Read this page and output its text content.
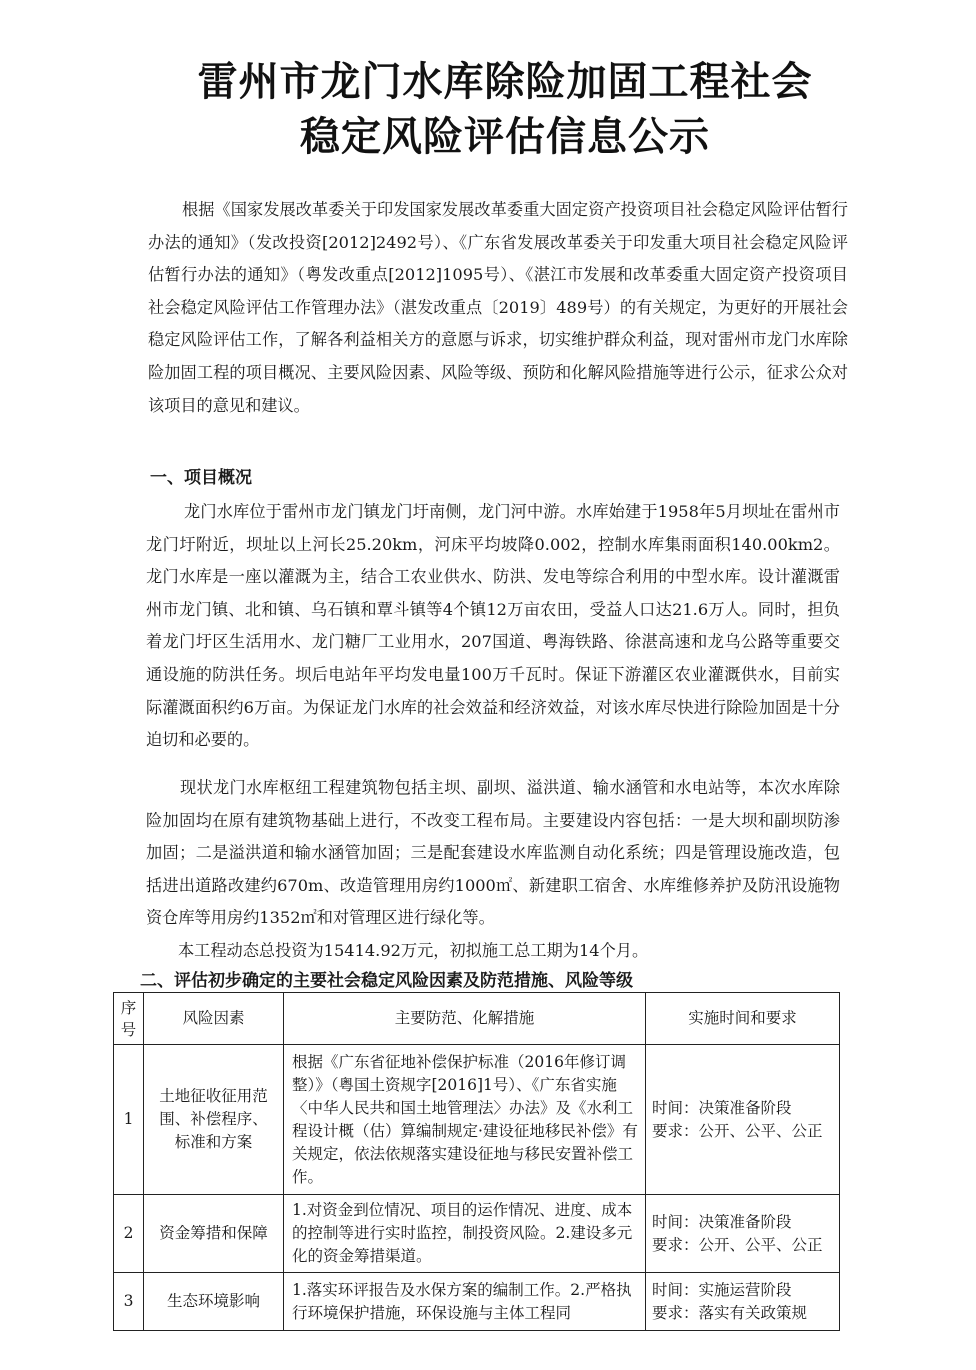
雷州市龙门水库除险加固工程社会
稳定风险评估信息公示
根据《国家发展改革委关于印发国家发展改革委重大固定资产投资项目社会稳定风险评估暂行办法的通知》（发改投资[2012]2492号）、《广东省发展改革委关于印发重大项目社会稳定风险评估暂行办法的通知》（粤发改重点[2012]1095号）、《湛江市发展和改革委重大固定资产投资项目社会稳定风险评估工作管理办法》（湛发改重点〔2019〕489号）的有关规定，为更好的开展社会稳定风险评估工作，了解各利益相关方的意愿与诉求，切实维护群众利益，现对雷州市龙门水库除险加固工程的项目概况、主要风险因素、风险等级、预防和化解风险措施等进行公示，征求公众对该项目的意见和建议。
一、项目概况
龙门水库位于雷州市龙门镇龙门圩南侧，龙门河中游。水库始建于1958年5月坝址在雷州市龙门圩附近，坝址以上河长25.20km，河床平均坡降0.002，控制水库集雨面积140.00km2。龙门水库是一座以灌溉为主，结合工农业供水、防洪、发电等综合利用的中型水库。设计灌溉雷州市龙门镇、北和镇、乌石镇和覃斗镇等4个镇12万亩农田，受益人口达21.6万人。同时，担负着龙门圩区生活用水、龙门糖厂工业用水，207国道、粤海铁路、徐湛高速和龙乌公路等重要交通设施的防洪任务。坝后电站年平均发电量100万千瓦时。保证下游灌区农业灌溉供水，目前实际灌溉面积约6万亩。为保证龙门水库的社会效益和经济效益，对该水库尽快进行除险加固是十分迫切和必要的。
现状龙门水库枢纽工程建筑物包括主坝、副坝、溢洪道、输水涵管和水电站等，本次水库除险加固均在原有建筑物基础上进行，不改变工程布局。主要建设内容包括：一是大坝和副坝防渗加固；二是溢洪道和输水涵管加固；三是配套建设水库监测自动化系统；四是管理设施改造，包括进出道路改建约670m、改造管理用房约1000㎡、新建职工宿舍、水库维修养护及防汛设施物资仓库等用房约1352㎡和对管理区进行绿化等。
本工程动态总投资为15414.92万元，初拟施工总工期为14个月。
二、评估初步确定的主要社会稳定风险因素及防范措施、风险等级
序号	风险因素	主要防范、化解措施	实施时间和要求
1	土地征收征用范围、补偿程序、标准和方案	根据《广东省征地补偿保护标准（2016年修订调整）》（粤国土资规字[2016]1号）、《广东省实施〈中华人民共和国土地管理法〉办法》及《水利工程设计概（估）算编制规定·建设征地移民补偿》有关规定，依法依规落实建设征地与移民安置补偿工作。	时间：决策准备阶段
要求：公开、公平、公正

2	资金筹措和保障	1.对资金到位情况、项目的运作情况、进度、成本的控制等进行实时监控，制投资风险。2.建设多元化的资金筹措渠道。	时间：决策准备阶段
要求：公开、公平、公正

3	生态环境影响	1.落实环评报告及水保方案的编制工作。2.严格执行环境保护措施，环保设施与主体工程同	时间：实施运营阶段
要求：落实有关政策规
